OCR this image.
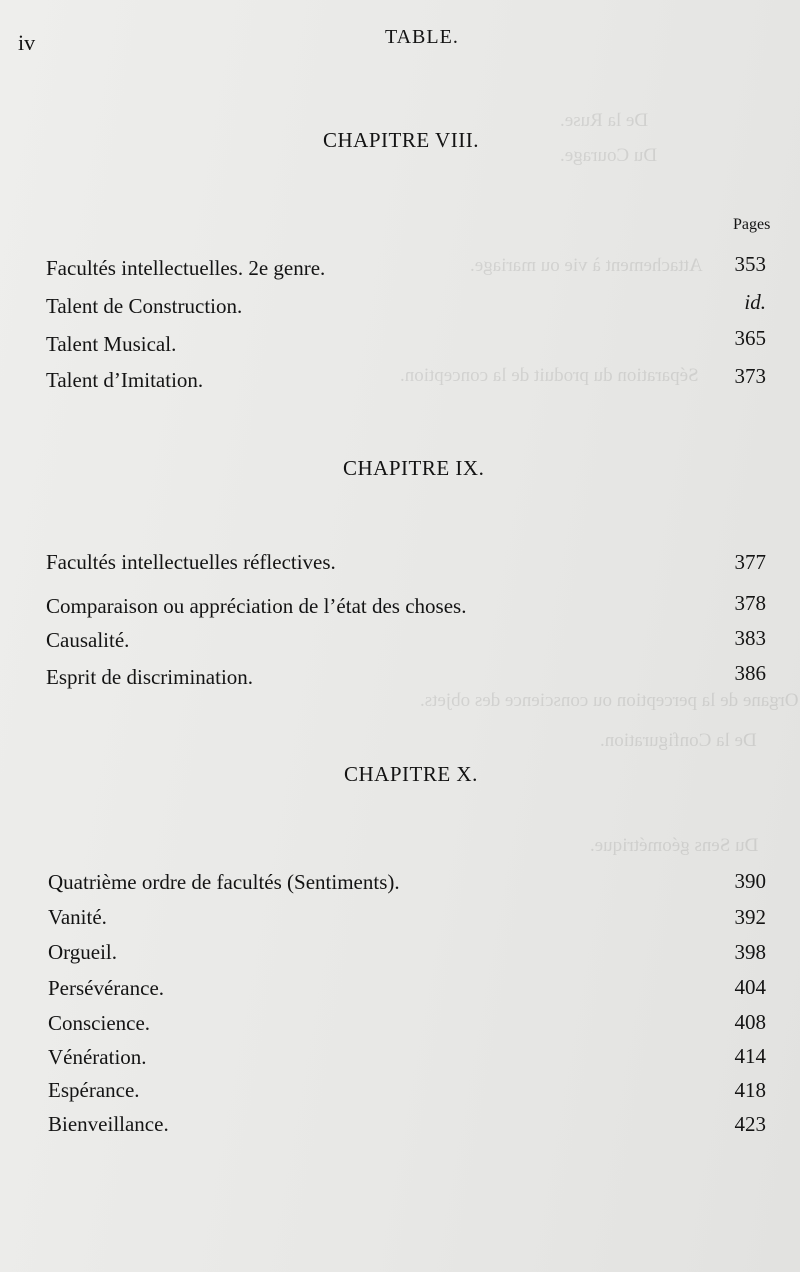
De la Ruse.
Du Courage.
Attachement à vie ou mariage.
Séparation du produit de la conception.
Organe de la perception ou conscience des objets.
De la Configuration.
Du Sens géométrique.
iv	TABLE.
CHAPITRE VIII.
Pages
Facultés intellectuelles. 2e genre.	353
Talent de Construction.	id.
Talent Musical.	365
Talent d’Imitation.	373
CHAPITRE IX.
Facultés intellectuelles réflectives.	377
Comparaison ou appréciation de l’état des choses.	378
Causalité.	383
Esprit de discrimination.	386
CHAPITRE X.
Quatrième ordre de facultés (Sentiments).	390
Vanité.	392
Orgueil.	398
Persévérance.	404
Conscience.	408
Vénération.	414
Espérance.	418
Bienveillance.	423
